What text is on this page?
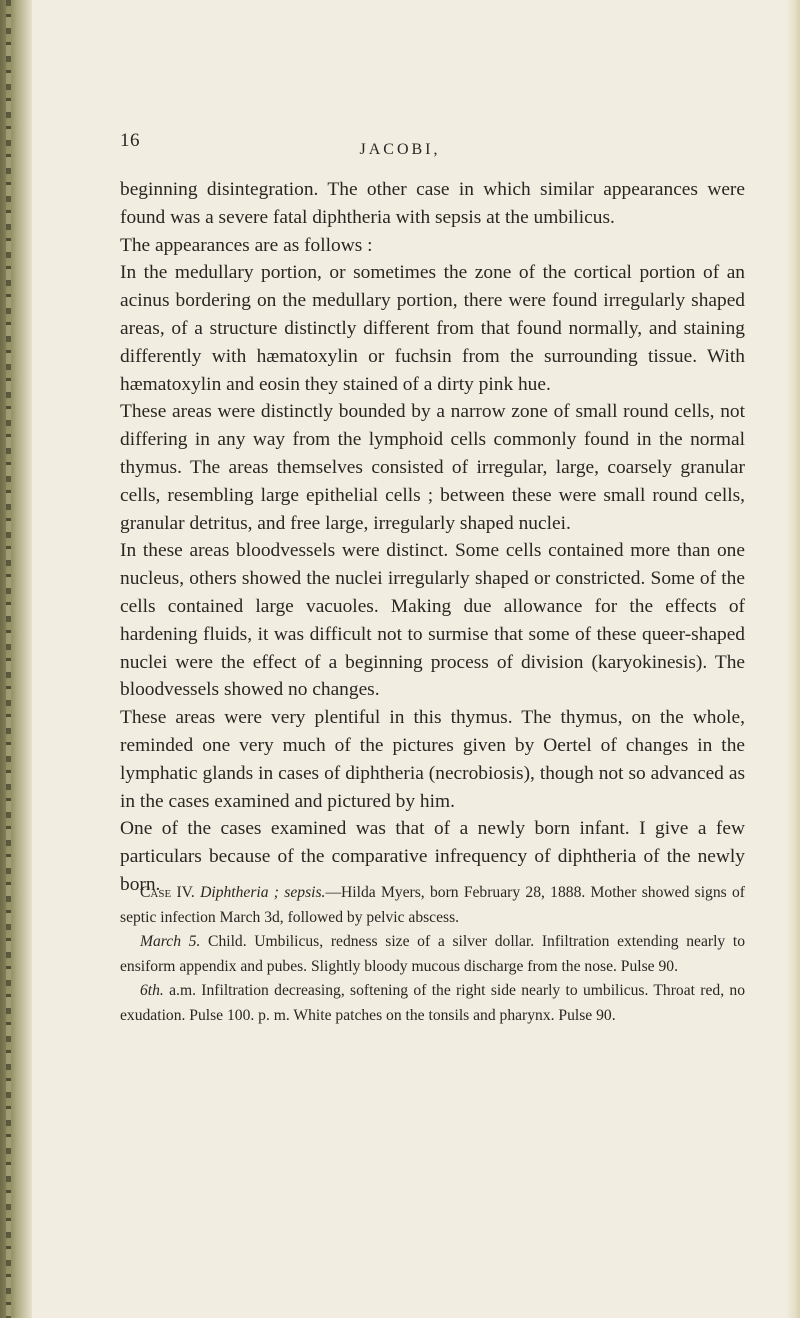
16	JACOBI,

beginning disintegration. The other case in which similar appearances were found was a severe fatal diphtheria with sepsis at the umbilicus.

The appearances are as follows :

In the medullary portion, or sometimes the zone of the cortical portion of an acinus bordering on the medullary portion, there were found irregularly shaped areas, of a structure distinctly different from that found normally, and staining differently with hæmatoxylin or fuchsin from the surrounding tissue. With hæmatoxylin and eosin they stained of a dirty pink hue.

These areas were distinctly bounded by a narrow zone of small round cells, not differing in any way from the lymphoid cells commonly found in the normal thymus. The areas themselves consisted of irregular, large, coarsely granular cells, resembling large epithelial cells ; between these were small round cells, granular detritus, and free large, irregularly shaped nuclei.

In these areas bloodvessels were distinct. Some cells contained more than one nucleus, others showed the nuclei irregularly shaped or constricted. Some of the cells contained large vacuoles. Making due allowance for the effects of hardening fluids, it was difficult not to surmise that some of these queer-shaped nuclei were the effect of a beginning process of division (karyokinesis). The bloodvessels showed no changes.

These areas were very plentiful in this thymus. The thymus, on the whole, reminded one very much of the pictures given by Oertel of changes in the lymphatic glands in cases of diphtheria (necrobiosis), though not so advanced as in the cases examined and pictured by him.

One of the cases examined was that of a newly born infant. I give a few particulars because of the comparative infrequency of diphtheria of the newly born.

Case IV. Diphtheria ; sepsis.—Hilda Myers, born February 28, 1888. Mother showed signs of septic infection March 3d, followed by pelvic abscess.

March 5. Child. Umbilicus, redness size of a silver dollar. Infiltration extending nearly to ensiform appendix and pubes. Slightly bloody mucous discharge from the nose. Pulse 90.

6th. a.m. Infiltration decreasing, softening of the right side nearly to umbilicus. Throat red, no exudation. Pulse 100. p. m. White patches on the tonsils and pharynx. Pulse 90.
